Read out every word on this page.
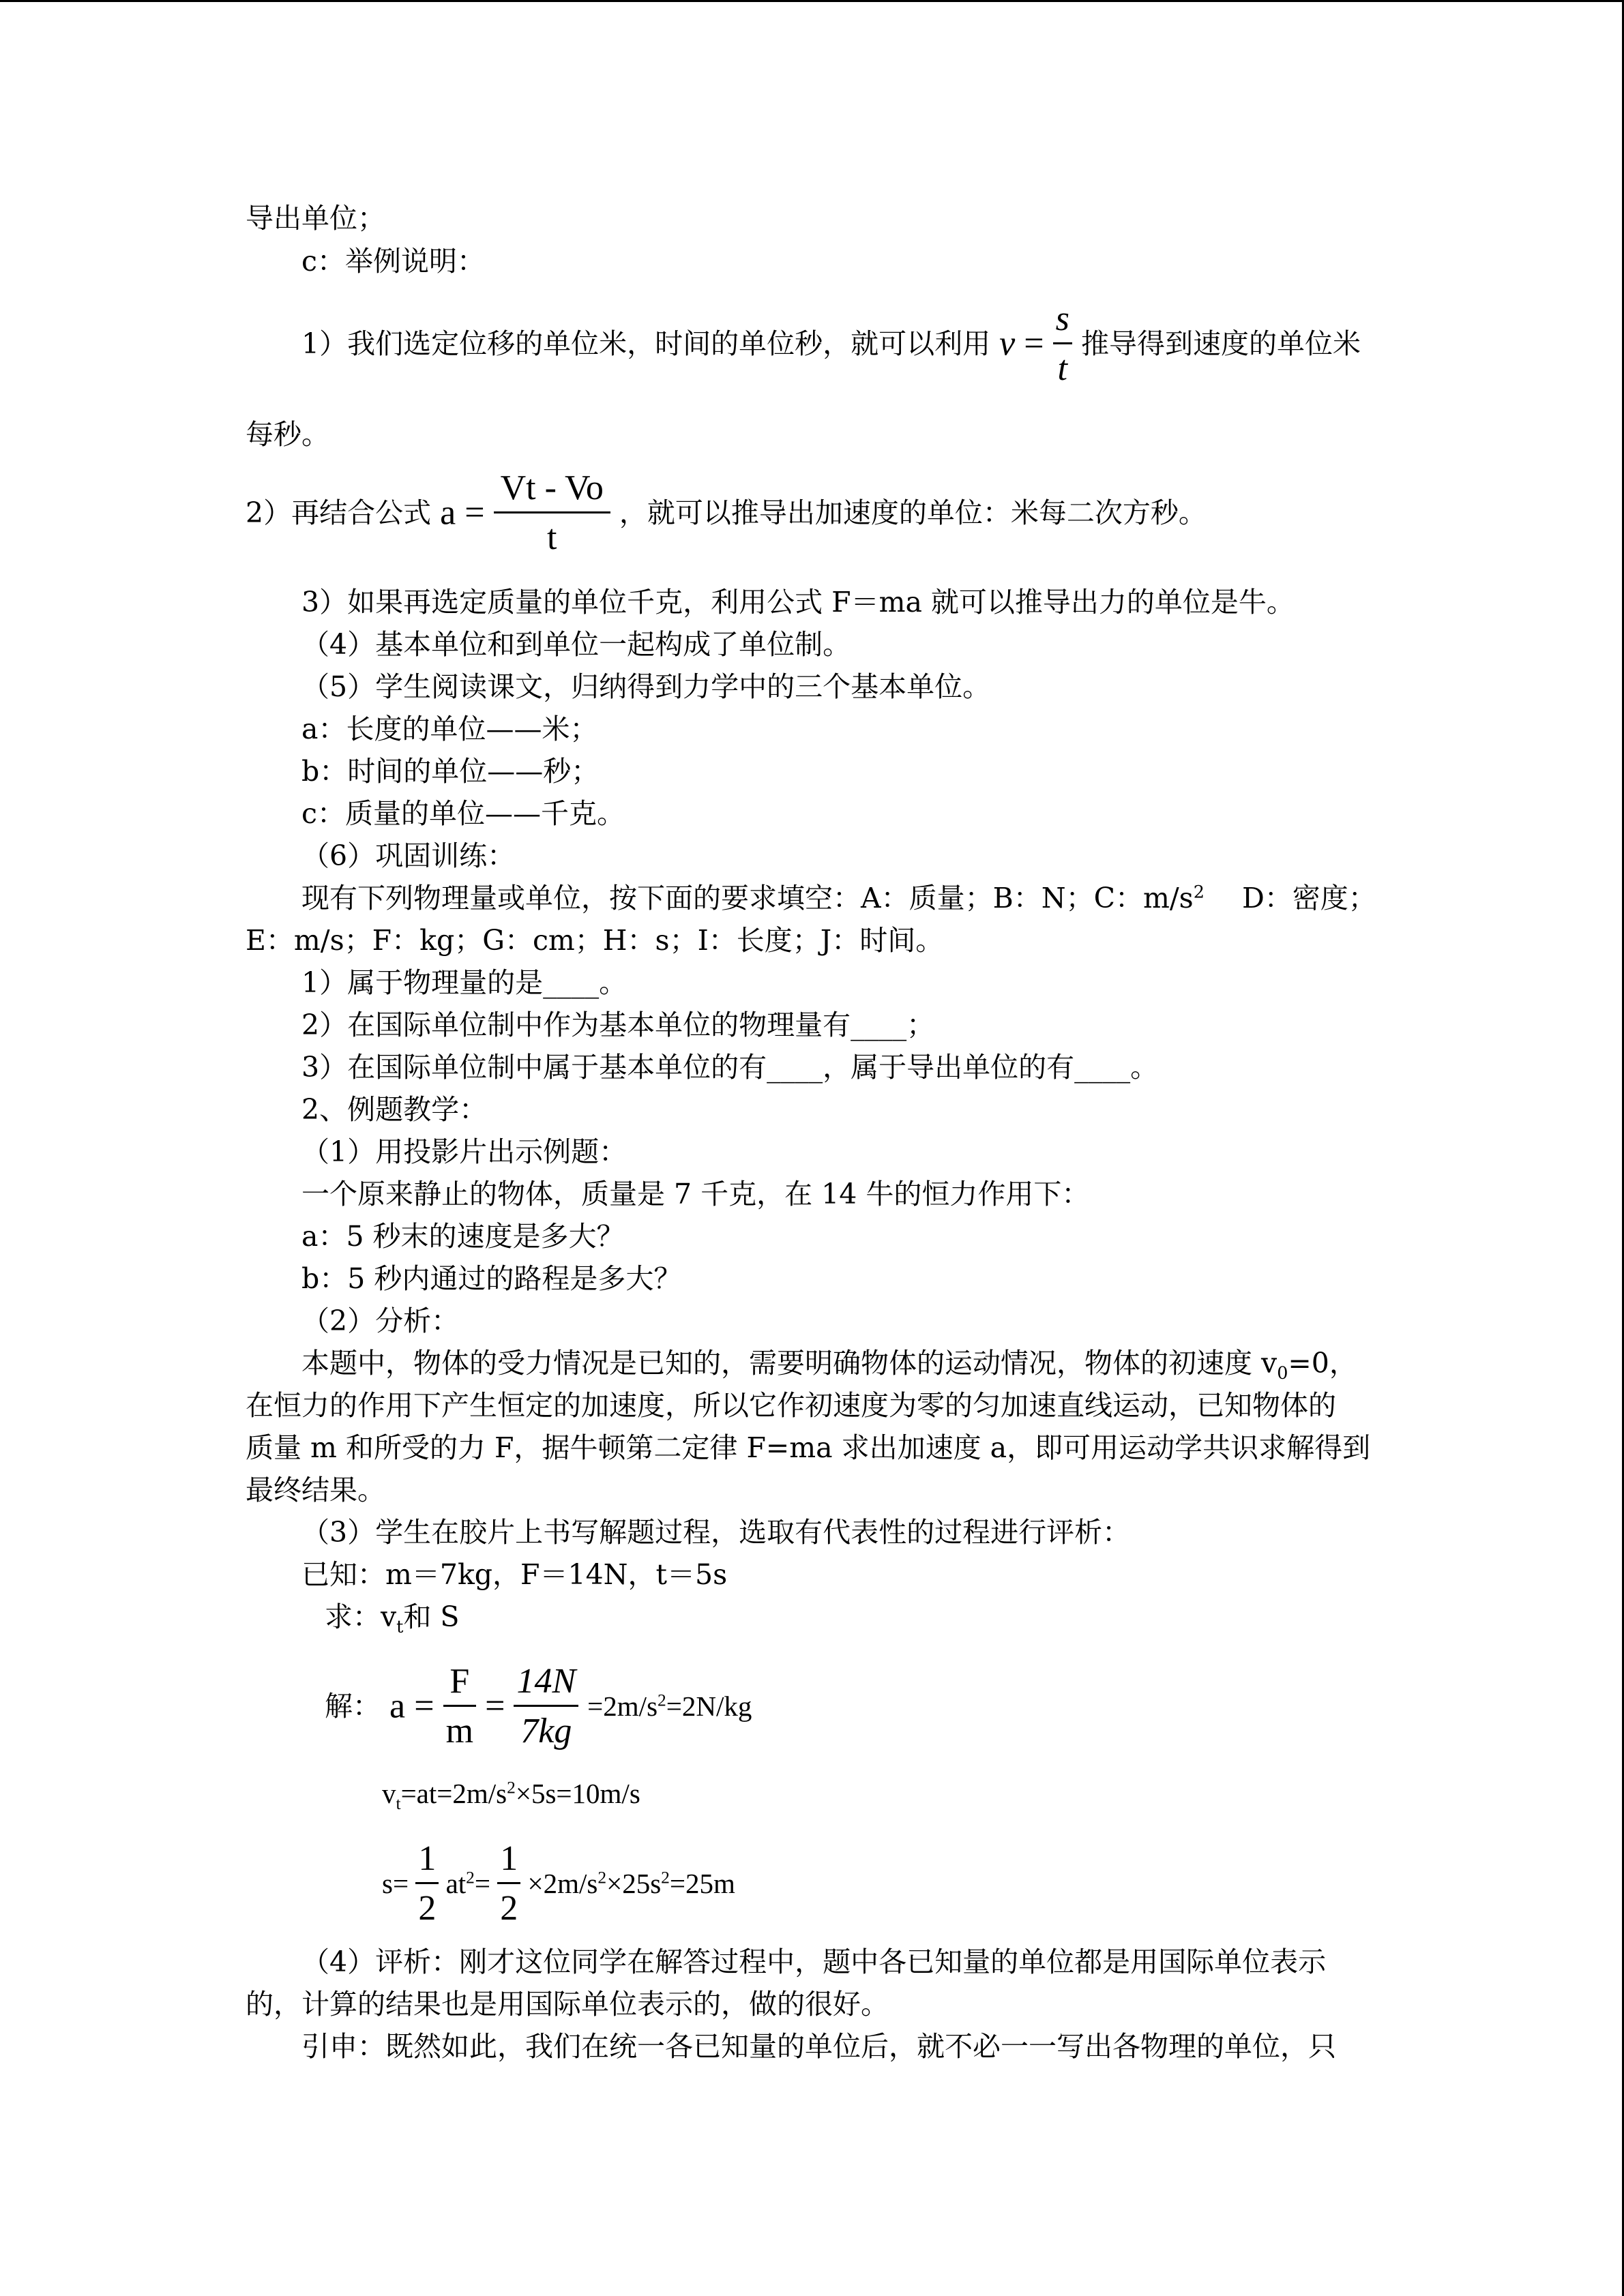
导出单位；
c：举例说明：
1）我们选定位移的单位米，时间的单位秒，就可以利用 $v = \frac{s}{t}$ 推导得到速度的单位米
每秒。
2）再结合公式 $a = \frac{Vt - Vo}{t}$ ，就可以推导出加速度的单位：米每二次方秒。
3）如果再选定质量的单位千克，利用公式 F＝ma 就可以推导出力的单位是牛。
（4）基本单位和到单位一起构成了单位制。
（5）学生阅读课文，归纳得到力学中的三个基本单位。
a：长度的单位——米；
b：时间的单位——秒；
c：质量的单位——千克。
（6）巩固训练：
现有下列物理量或单位，按下面的要求填空：A：质量；B：N；C：$m/s^2$ D：密度；
E：m/s；F：kg；G：cm；H：s；I：长度；J：时间。
1）属于物理量的是____。
2）在国际单位制中作为基本单位的物理量有____；
3）在国际单位制中属于基本单位的有____，属于导出单位的有____。
2、例题教学：
（1）用投影片出示例题：
一个原来静止的物体，质量是 7 千克，在 14 牛的恒力作用下：
a：5 秒末的速度是多大？
b：5 秒内通过的路程是多大？
（2）分析：
本题中，物体的受力情况是已知的，需要明确物体的运动情况，物体的初速度 $v_0=0$，
在恒力的作用下产生恒定的加速度，所以它作初速度为零的匀加速直线运动，已知物体的
质量 m 和所受的力 F，据牛顿第二定律 F=ma 求出加速度 a，即可用运动学共识求解得到
最终结果。
（3）学生在胶片上书写解题过程，选取有代表性的过程进行评析：
已知：m＝7kg，F＝14N，t＝5s
求：$v_t$和 S
解： $a = \frac{F}{m} = \frac{14N}{7kg} =2m/s^2=2N/kg$
$v_t=at=2m/s^2\times 5s=10m/s$
$s= \frac{1}{2} at^2= \frac{1}{2} \times 2m/s^2\times 25s^2=25m$
（4）评析：刚才这位同学在解答过程中，题中各已知量的单位都是用国际单位表示
的，计算的结果也是用国际单位表示的，做的很好。
引申：既然如此，我们在统一各已知量的单位后，就不必一一写出各物理的单位，只
